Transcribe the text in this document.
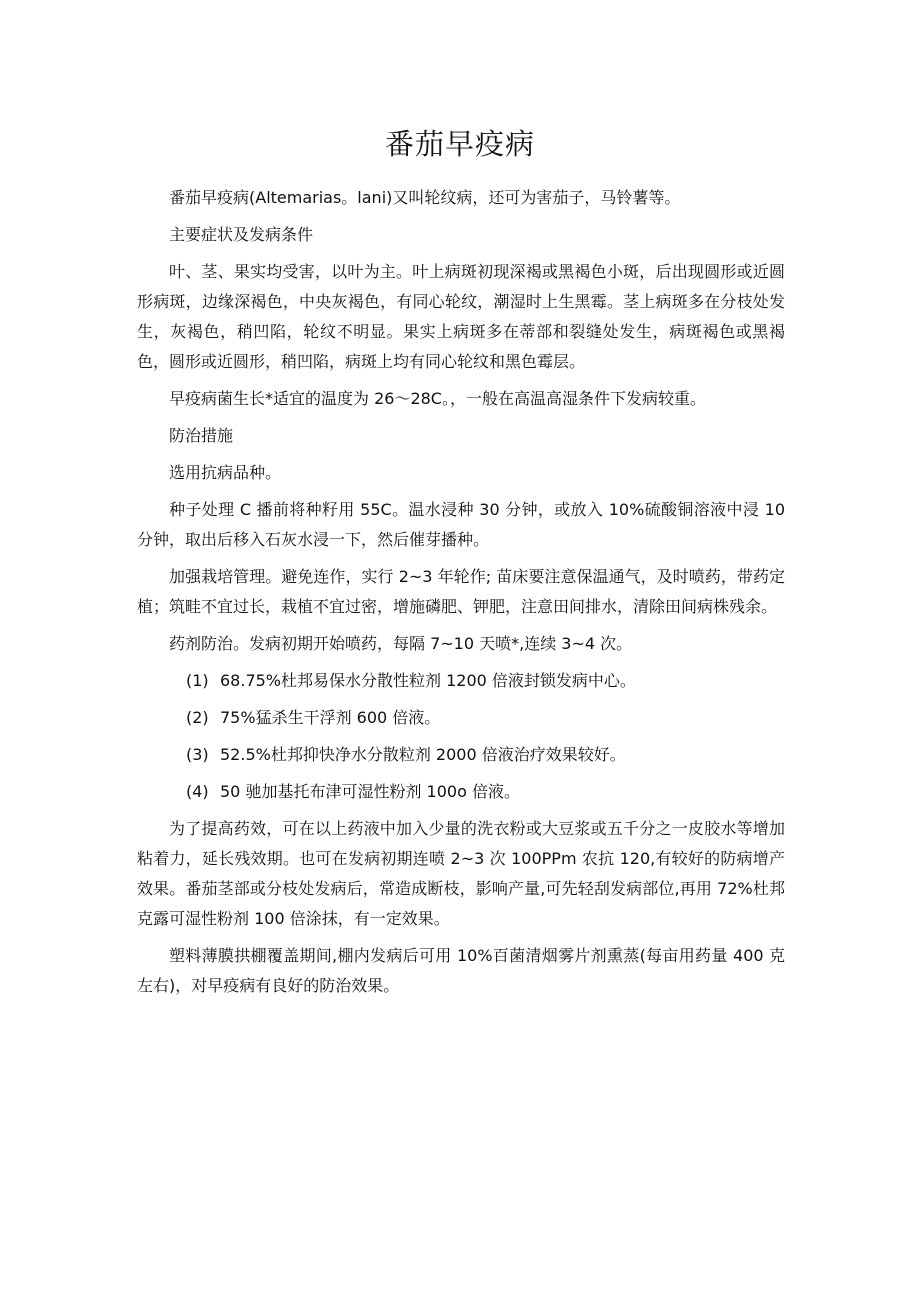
番茄早疫病

番茄早疫病(Altemarias。lani)又叫轮纹病，还可为害茄子，马铃薯等。

主要症状及发病条件

叶、茎、果实均受害，以叶为主。叶上病斑初现深褐或黑褐色小斑，后出现圆形或近圆形病斑，边缘深褐色，中央灰褐色，有同心轮纹，潮湿时上生黑霉。茎上病斑多在分枝处发生，灰褐色，稍凹陷，轮纹不明显。果实上病斑多在蒂部和裂缝处发生，病斑褐色或黑褐色，圆形或近圆形，稍凹陷，病斑上均有同心轮纹和黑色霉层。

早疫病菌生长*适宜的温度为 26～28C。，一般在高温高湿条件下发病较重。

防治措施

选用抗病品种。

种子处理 C 播前将种籽用 55C。温水浸种 30 分钟，或放入 10%硫酸铜溶液中浸 10 分钟，取出后移入石灰水浸一下，然后催芽播种。

加强栽培管理。避免连作，实行 2~3 年轮作; 苗床要注意保温通气，及时喷药，带药定植；筑畦不宜过长，栽植不宜过密，增施磷肥、钾肥，注意田间排水，清除田间病株残余。

药剂防治。发病初期开始喷药，每隔 7~10 天喷*,连续 3~4 次。

(1) 68.75%杜邦易保水分散性粒剂 1200 倍液封锁发病中心。
(2) 75%猛杀生干浮剂 600 倍液。
(3) 52.5%杜邦抑快净水分散粒剂 2000 倍液治疗效果较好。
(4) 50 驰加基托布津可湿性粉剂 100o 倍液。

为了提高药效，可在以上药液中加入少量的洗衣粉或大豆浆或五千分之一皮胶水等增加粘着力，延长残效期。也可在发病初期连喷 2~3 次 100PPm 农抗 120,有较好的防病增产效果。番茄茎部或分枝处发病后，常造成断枝，影响产量,可先轻刮发病部位,再用 72%杜邦克露可湿性粉剂 100 倍涂抹，有一定效果。

塑料薄膜拱棚覆盖期间,棚内发病后可用 10%百菌清烟雾片剂熏蒸(每亩用药量 400 克左右)，对早疫病有良好的防治效果。
